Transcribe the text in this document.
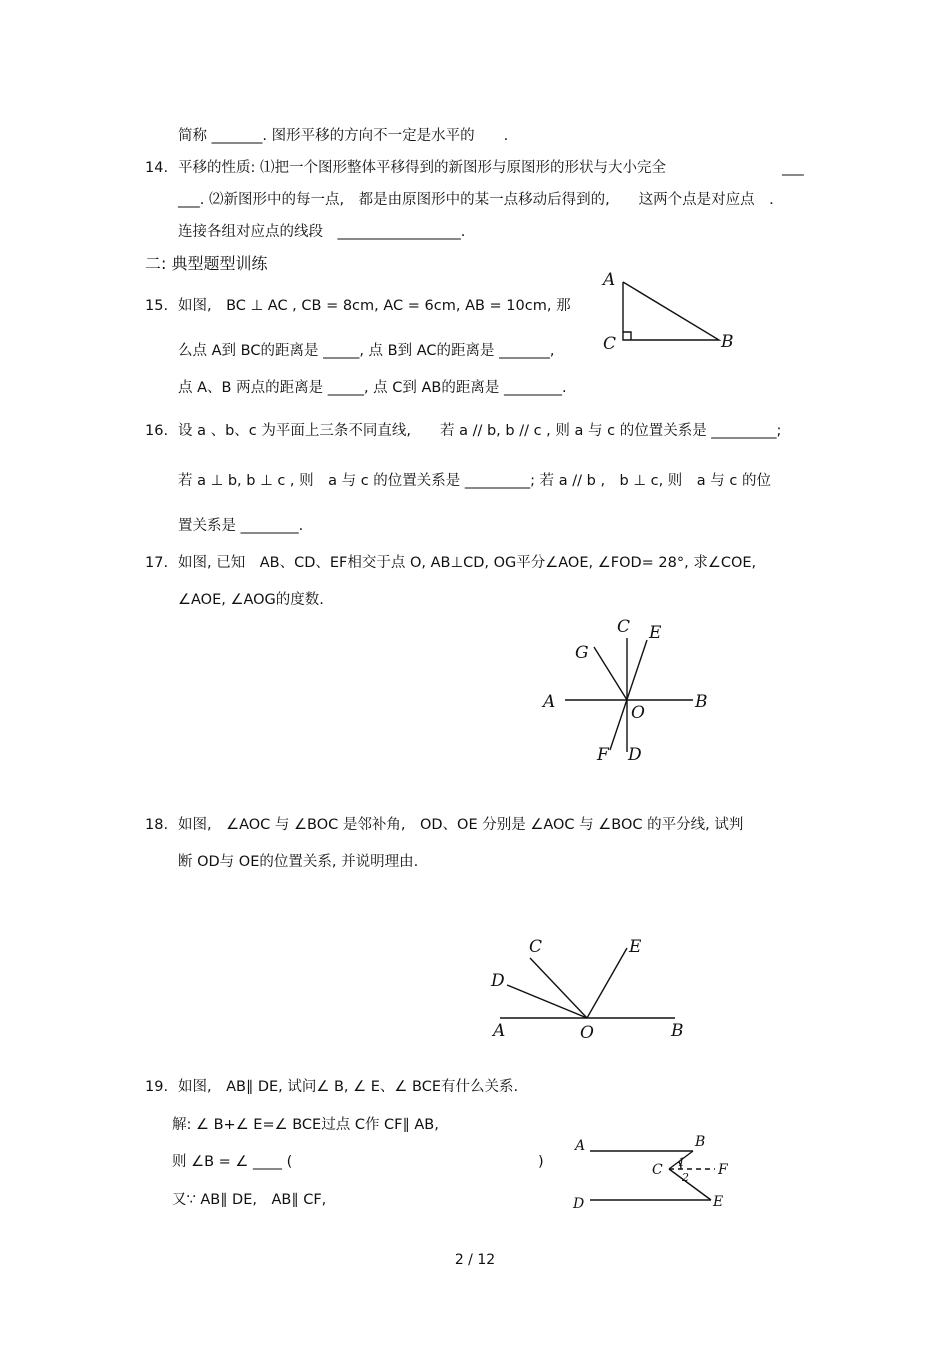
简称 _______. 图形平移的方向不一定是水平的　　.
14. 平移的性质: ⑴把一个图形整体平移得到的新图形与原图形的形状与大小完全	___
___. ⑵新图形中的每一点,　都是由原图形中的某一点移动后得到的,　　这两个点是对应点　.
连接各组对应点的线段　_________________.
二: 典型题型训练
15. 如图,　BC ⊥ AC , CB = 8cm, AC = 6cm, AB = 10cm, 那
么点 A到 BC的距离是 _____, 点 B到 AC的距离是 _______,
点 A、B 两点的距离是 _____, 点 C到 AB的距离是 ________.
16. 设 a 、b、c 为平面上三条不同直线,　　若 a // b, b // c , 则 a 与 c 的位置关系是 _________;
若 a ⊥ b, b ⊥ c , 则　a 与 c 的位置关系是 _________; 若 a // b ,　b ⊥ c, 则　a 与 c 的位
置关系是 ________.
17. 如图, 已知　AB、CD、EF相交于点 O, AB⊥CD, OG平分∠AOE, ∠FOD= 28°, 求∠COE,
∠AOE, ∠AOG的度数.
18. 如图,　∠AOC 与 ∠BOC 是邻补角,　OD、OE 分别是 ∠AOC 与 ∠BOC 的平分线, 试判
断 OD与 OE的位置关系, 并说明理由.
19. 如图,　AB∥ DE, 试问∠ B, ∠ E、∠ BCE有什么关系.
解: ∠ B+∠ E=∠ BCE过点 C作 CF∥ AB,
则 ∠B = ∠ ____ (	)
又∵ AB∥ DE,　AB∥ CF,
A
C	B
A	B
C E
G
O
F D
C	E
D
A	O	B
A	B
C 1
2 F
D	E
2 / 12
